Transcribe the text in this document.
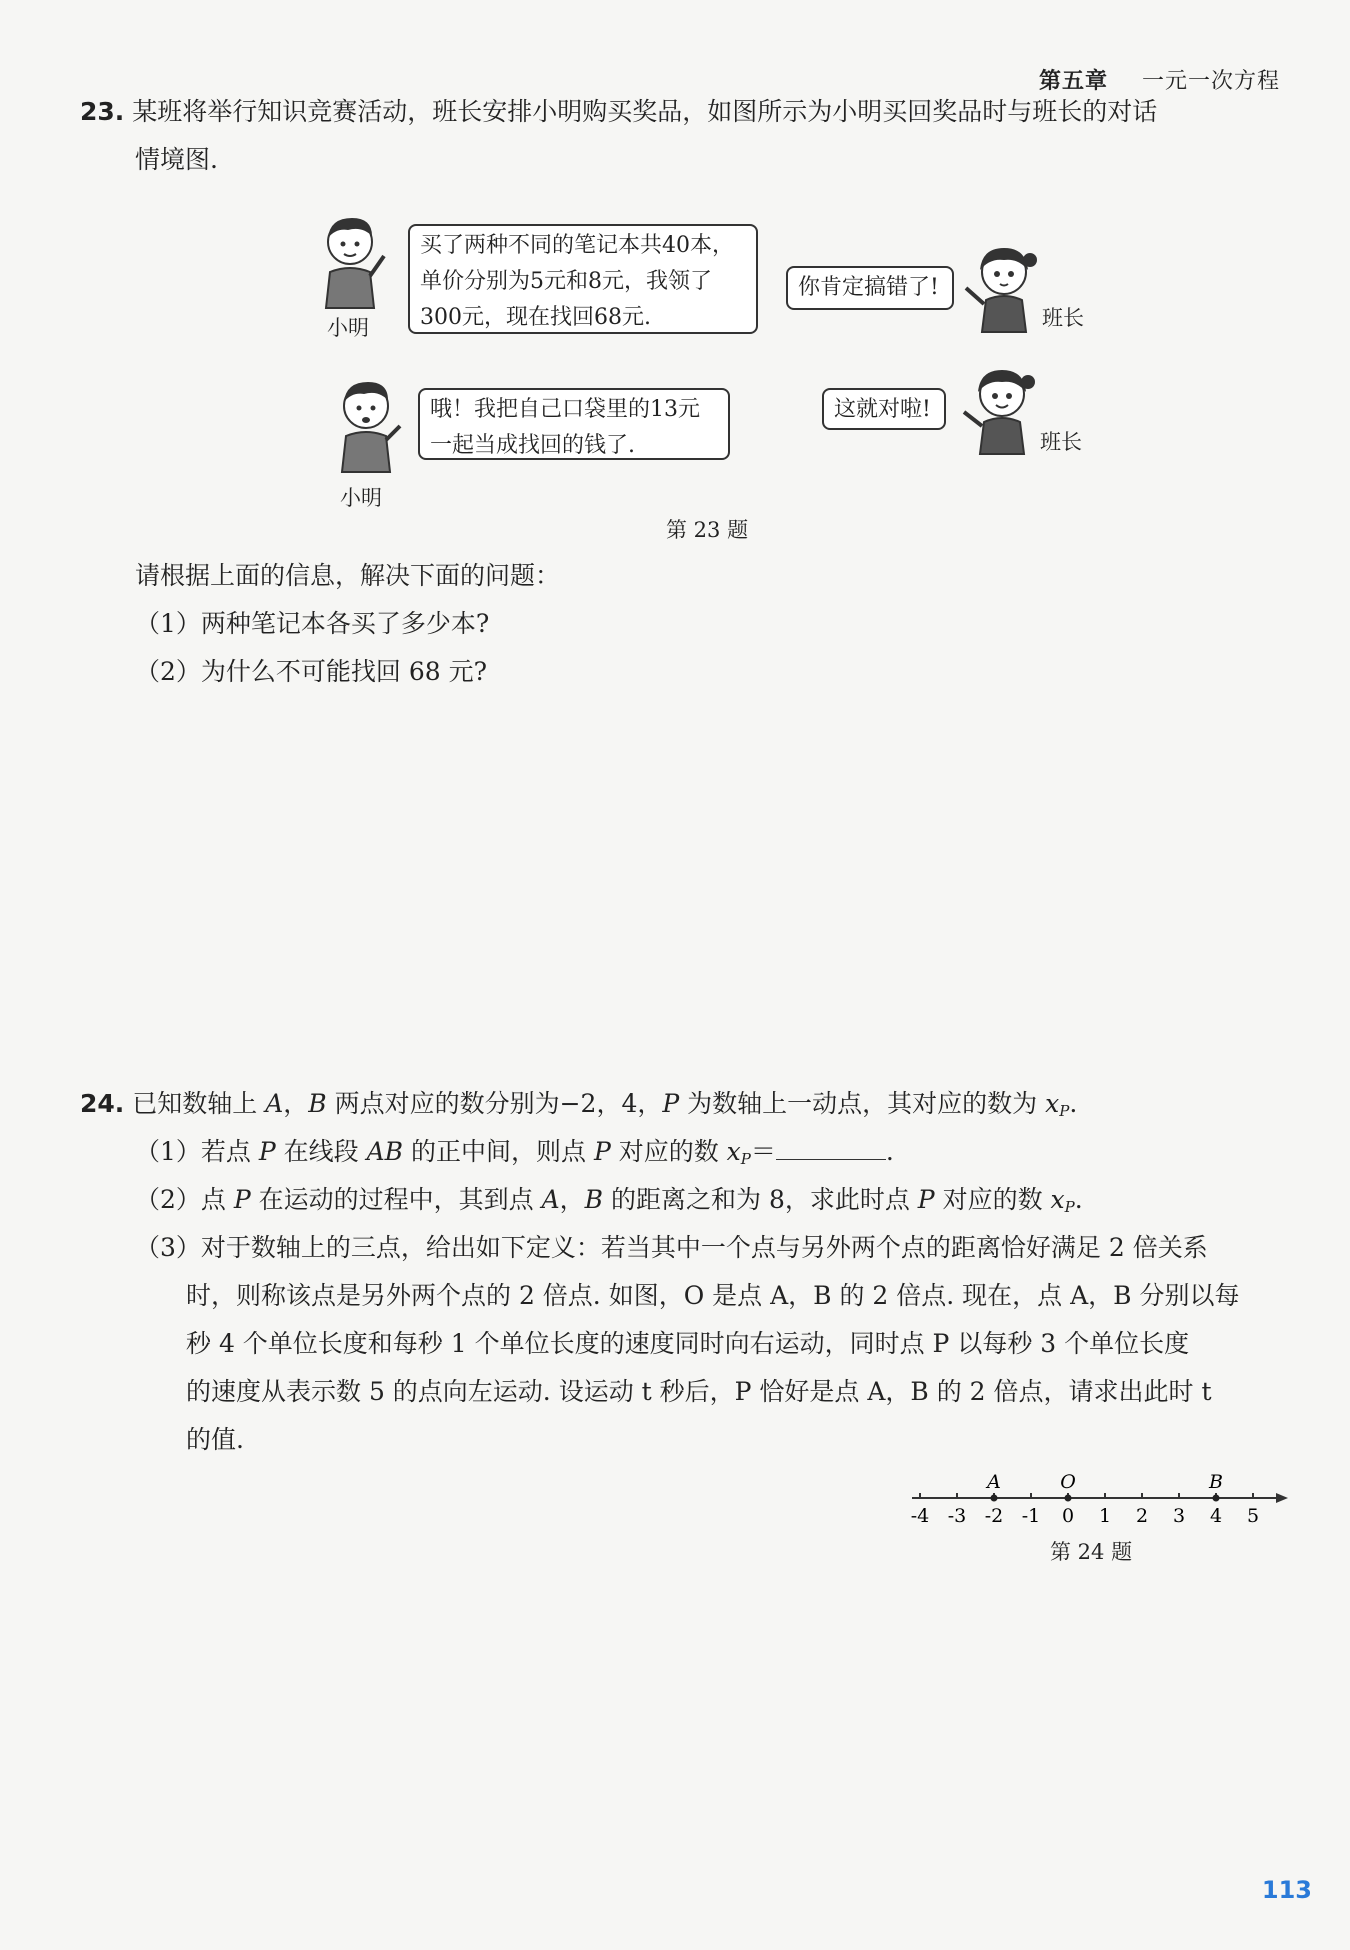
第五章 一元一次方程
23. 某班将举行知识竞赛活动，班长安排小明购买奖品，如图所示为小明买回奖品时与班长的对话
情境图.
小明
买了两种不同的笔记本共40本，
单价分别为5元和8元，我领了
300元，现在找回68元.
你肯定搞错了!
班长
小明
哦！我把自己口袋里的13元
一起当成找回的钱了.
这就对啦!
班长
第 23 题
请根据上面的信息，解决下面的问题：
（1）两种笔记本各买了多少本?
（2）为什么不可能找回 68 元?
24. 已知数轴上 A，B 两点对应的数分别为−2，4，P 为数轴上一动点，其对应的数为 $x_P$.
（1）若点 P 在线段 AB 的正中间，则点 P 对应的数 $x_P=$	.
（2）点 P 在运动的过程中，其到点 A，B 的距离之和为 8，求此时点 P 对应的数 $x_P$.
（3）对于数轴上的三点，给出如下定义：若当其中一个点与另外两个点的距离恰好满足 2 倍关系
时，则称该点是另外两个点的 2 倍点. 如图，O 是点 A，B 的 2 倍点. 现在，点 A，B 分别以每
秒 4 个单位长度和每秒 1 个单位长度的速度同时向右运动，同时点 P 以每秒 3 个单位长度
的速度从表示数 5 的点向左运动. 设运动 t 秒后，P 恰好是点 A，B 的 2 倍点，请求出此时 t
的值.
-4 -3 -2 -1 0 1 2 3 4 5
A	O	B
第 24 题
113
